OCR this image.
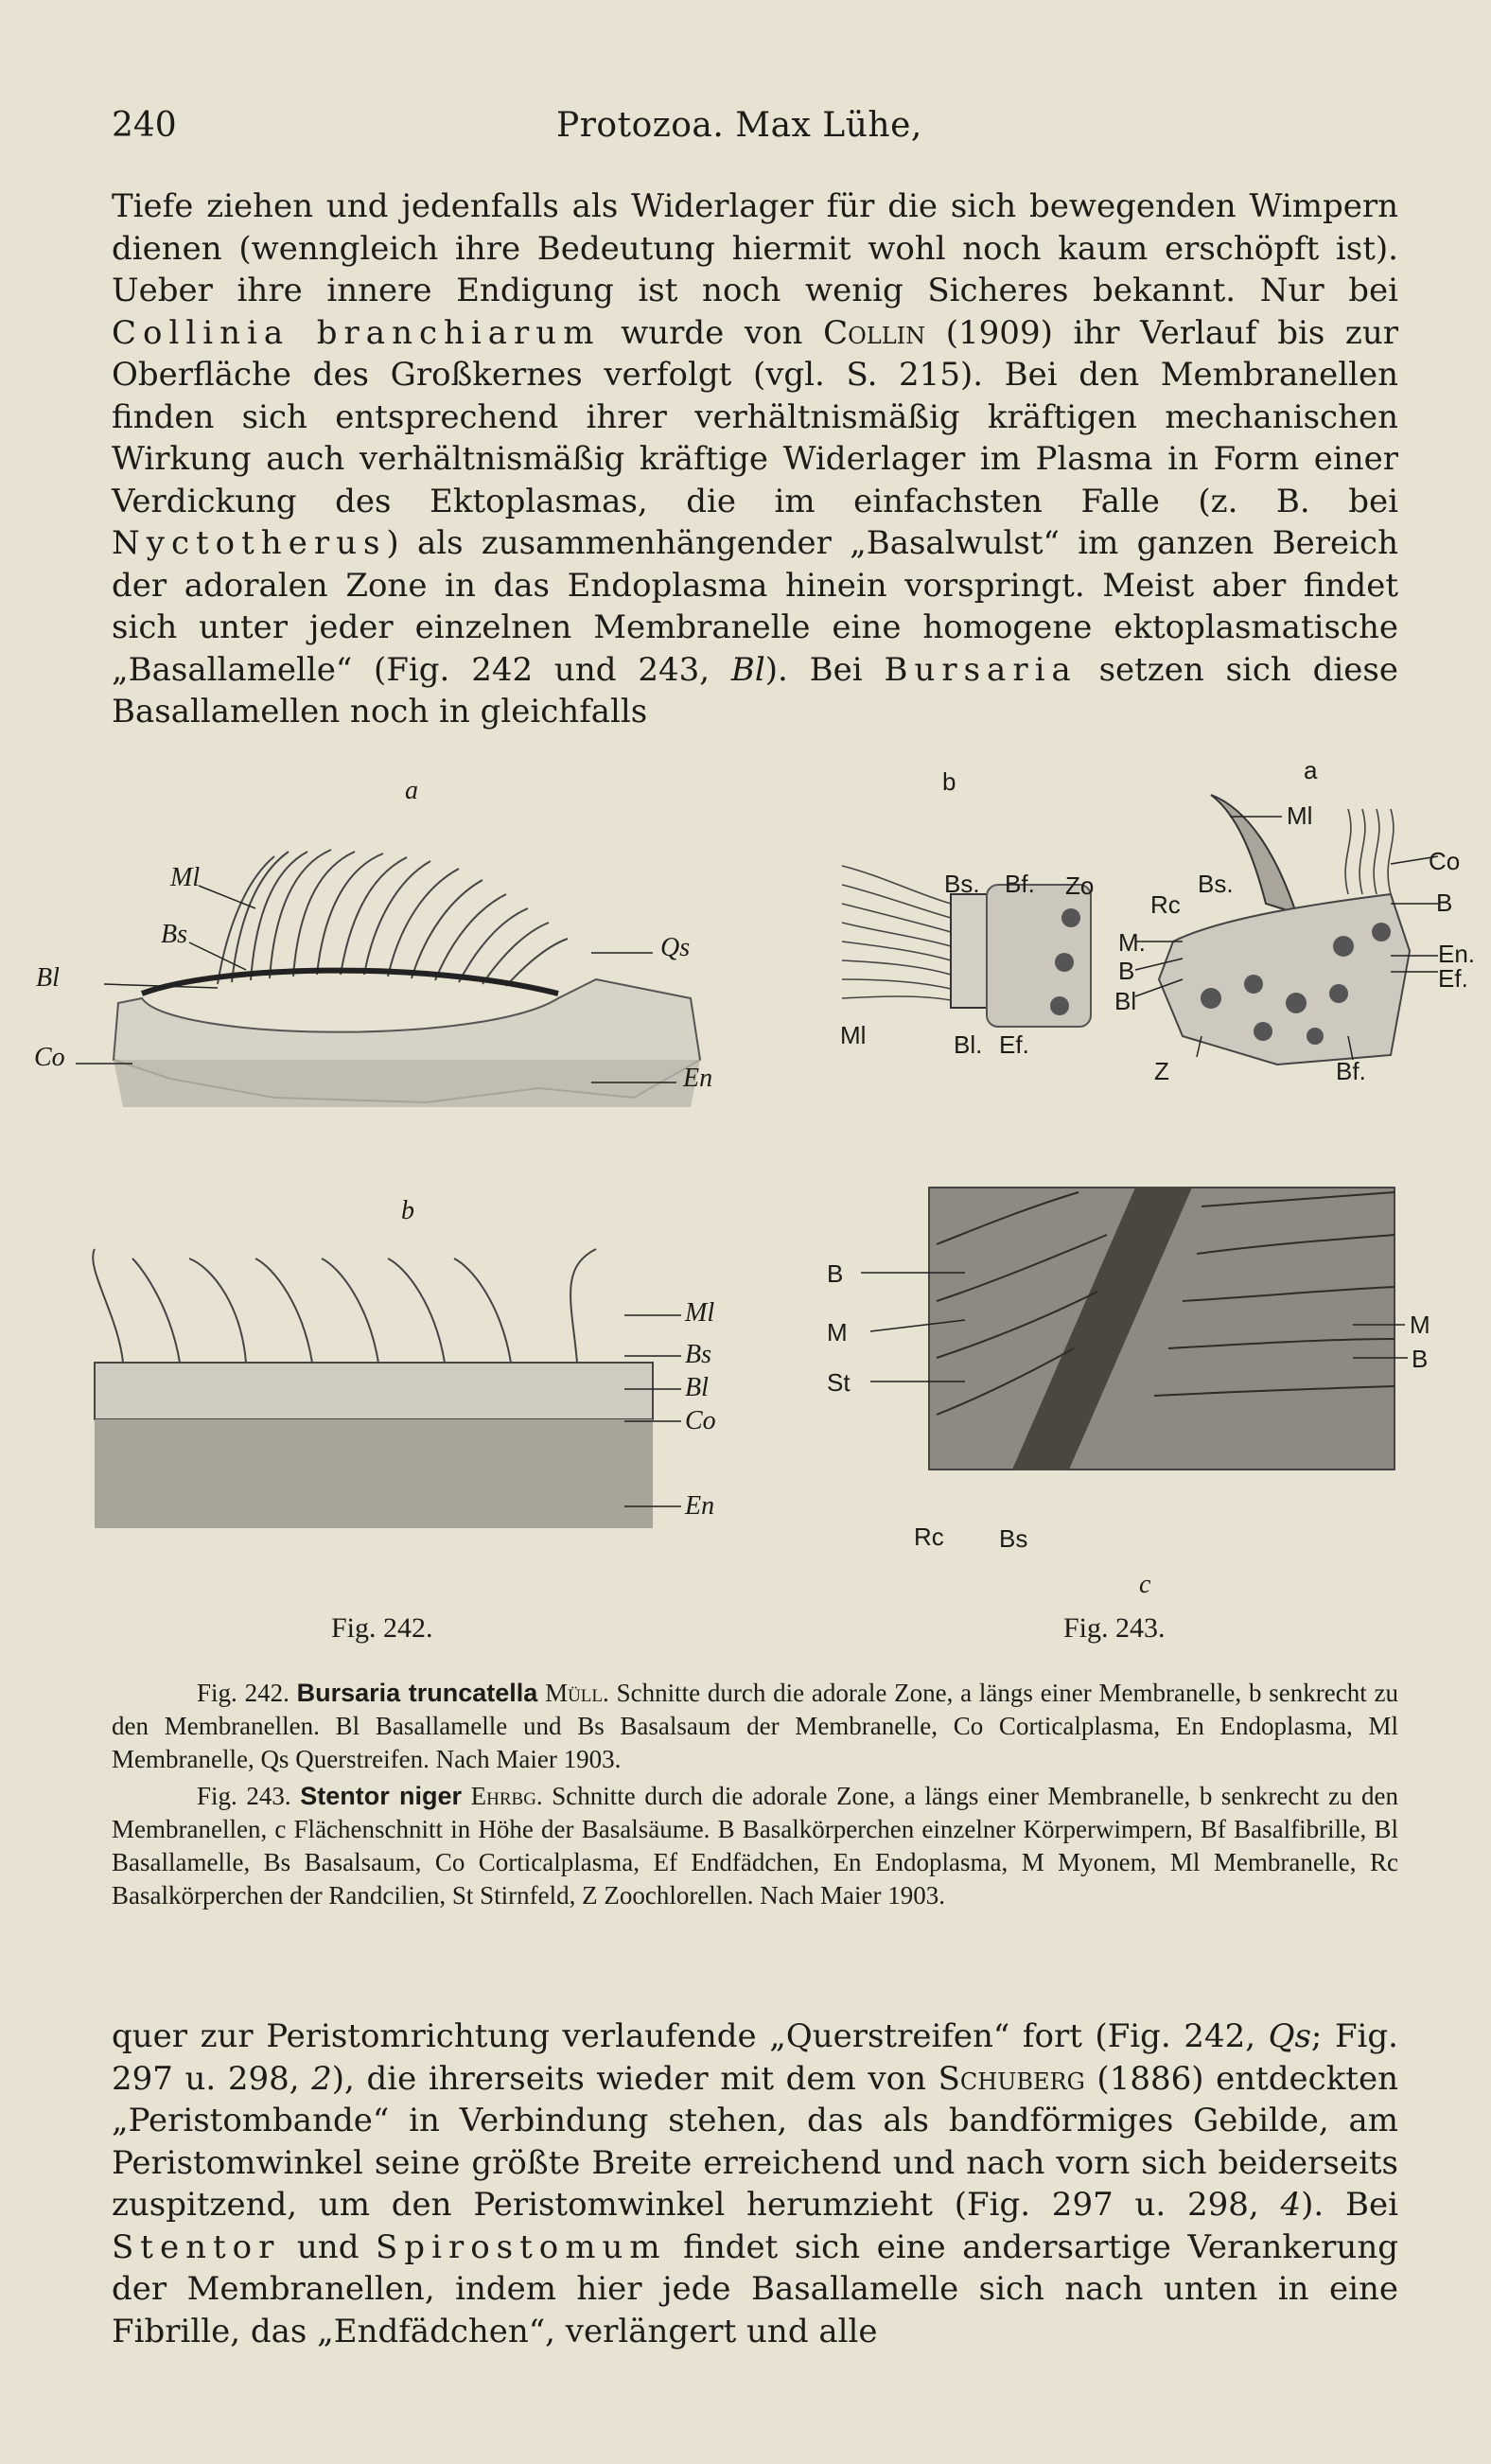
240	Protozoa. Max Lühe,

Tiefe ziehen und jedenfalls als Widerlager für die sich bewegenden Wimpern dienen (wenngleich ihre Bedeutung hiermit wohl noch kaum erschöpft ist). Ueber ihre innere Endigung ist noch wenig Sicheres bekannt. Nur bei Collinia branchiarum wurde von Collin (1909) ihr Verlauf bis zur Oberfläche des Großkernes verfolgt (vgl. S. 215). Bei den Membranellen finden sich entsprechend ihrer verhältnismäßig kräftigen mechanischen Wirkung auch verhältnismäßig kräftige Widerlager im Plasma in Form einer Verdickung des Ektoplasmas, die im einfachsten Falle (z. B. bei Nyctotherus) als zusammenhängender „Basalwulst“ im ganzen Bereich der adoralen Zone in das Endoplasma hinein vorspringt. Meist aber findet sich unter jeder einzelnen Membranelle eine homogene ektoplasmatische „Basallamelle“ (Fig. 242 und 243, Bl). Bei Bursaria setzen sich diese Basallamellen noch in gleichfalls

a
Ml
Bs
Bl
Co
Qs
En
b
Ml
Bs
Bl
Co
En
Fig. 242.
b
Bs. Bf. Zo
Ml	Bl. Ef.
a
Ml
Co
Bs.
B
Rc
M.
B
Bl
En.
Ef.
Z	Bf.
B
M
St
Rc Bs
M
B
c
Fig. 243.

Fig. 242. Bursaria truncatella Müll. Schnitte durch die adorale Zone, a längs einer Membranelle, b senkrecht zu den Membranellen. Bl Basallamelle und Bs Basalsaum der Membranelle, Co Corticalplasma, En Endoplasma, Ml Membranelle, Qs Querstreifen. Nach Maier 1903.

Fig. 243. Stentor niger Ehrbg. Schnitte durch die adorale Zone, a längs einer Membranelle, b senkrecht zu den Membranellen, c Flächenschnitt in Höhe der Basalsäume. B Basalkörperchen einzelner Körperwimpern, Bf Basalfibrille, Bl Basallamelle, Bs Basalsaum, Co Corticalplasma, Ef Endfädchen, En Endoplasma, M Myonem, Ml Membranelle, Rc Basalkörperchen der Randcilien, St Stirnfeld, Z Zoochlorellen. Nach Maier 1903.

quer zur Peristomrichtung verlaufende „Querstreifen“ fort (Fig. 242, Qs; Fig. 297 u. 298, 2), die ihrerseits wieder mit dem von Schuberg (1886) entdeckten „Peristombande“ in Verbindung stehen, das als bandförmiges Gebilde, am Peristomwinkel seine größte Breite erreichend und nach vorn sich beiderseits zuspitzend, um den Peristomwinkel herumzieht (Fig. 297 u. 298, 4). Bei Stentor und Spirostomum findet sich eine andersartige Verankerung der Membranellen, indem hier jede Basallamelle sich nach unten in eine Fibrille, das „Endfädchen“, verlängert und alle
